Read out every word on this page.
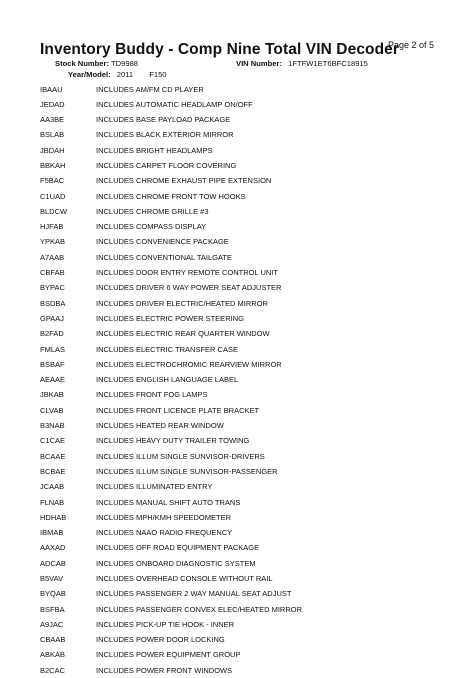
Inventory Buddy - Comp Nine Total VIN Decoder
Page 2 of 5
Stock Number: TD9988	VIN Number: 1FTFW1ET6BFC18915
Year/Model: 2011 F150
IBAAU	INCLUDES AM/FM CD PLAYER
JEDAD	INCLUDES AUTOMATIC HEADLAMP ON/OFF
AA3BE	INCLUDES BASE PAYLOAD PACKAGE
BSLAB	INCLUDES BLACK EXTERIOR MIRROR
JBDAH	INCLUDES BRIGHT HEADLAMPS
BBKAH	INCLUDES CARPET FLOOR COVERING
F5BAC	INCLUDES CHROME EXHAUST PIPE EXTENSION
C1UAD	INCLUDES CHROME FRONT TOW HOOKS
BLDCW	INCLUDES CHROME GRILLE #3
HJFAB	INCLUDES COMPASS DISPLAY
YPKAB	INCLUDES CONVENIENCE PACKAGE
A7AAB	INCLUDES CONVENTIONAL TAILGATE
CBFAB	INCLUDES DOOR ENTRY REMOTE CONTROL UNIT
BYPAC	INCLUDES DRIVER 6 WAY POWER SEAT ADJUSTER
BSDBA	INCLUDES DRIVER ELECTRIC/HEATED MIRROR
GPAAJ	INCLUDES ELECTRIC POWER STEERING
B2FAD	INCLUDES ELECTRIC REAR QUARTER WINDOW
FMLAS	INCLUDES ELECTRIC TRANSFER CASE
BSBAF	INCLUDES ELECTROCHROMIC REARVIEW MIRROR
AEAAE	INCLUDES ENGLISH LANGUAGE LABEL
JBKAB	INCLUDES FRONT FOG LAMPS
CLVAB	INCLUDES FRONT LICENCE PLATE BRACKET
B3NAB	INCLUDES HEATED REAR WINDOW
C1CAE	INCLUDES HEAVY DUTY TRAILER TOWING
BCAAE	INCLUDES ILLUM SINGLE SUNVISOR-DRIVERS
BCBAE	INCLUDES ILLUM SINGLE SUNVISOR-PASSENGER
JCAAB	INCLUDES ILLUMINATED ENTRY
FLNAB	INCLUDES MANUAL SHIFT AUTO TRANS
HDHAB	INCLUDES MPH/KMH SPEEDOMETER
IBMAB	INCLUDES NAAO RADIO FREQUENCY
AAXAD	INCLUDES OFF ROAD EQUIPMENT PACKAGE
ADCAB	INCLUDES ONBOARD DIAGNOSTIC SYSTEM
B5VAV	INCLUDES OVERHEAD CONSOLE WITHOUT RAIL
BYQAB	INCLUDES PASSENGER 2 WAY MANUAL SEAT ADJUST
BSFBA	INCLUDES PASSENGER CONVEX ELEC/HEATED MIRROR
A9JAC	INCLUDES PICK-UP TIE HOOK - INNER
CBAAB	INCLUDES POWER DOOR LOCKING
ABKAB	INCLUDES POWER EQUIPMENT GROUP
B2CAC	INCLUDES POWER FRONT WINDOWS
